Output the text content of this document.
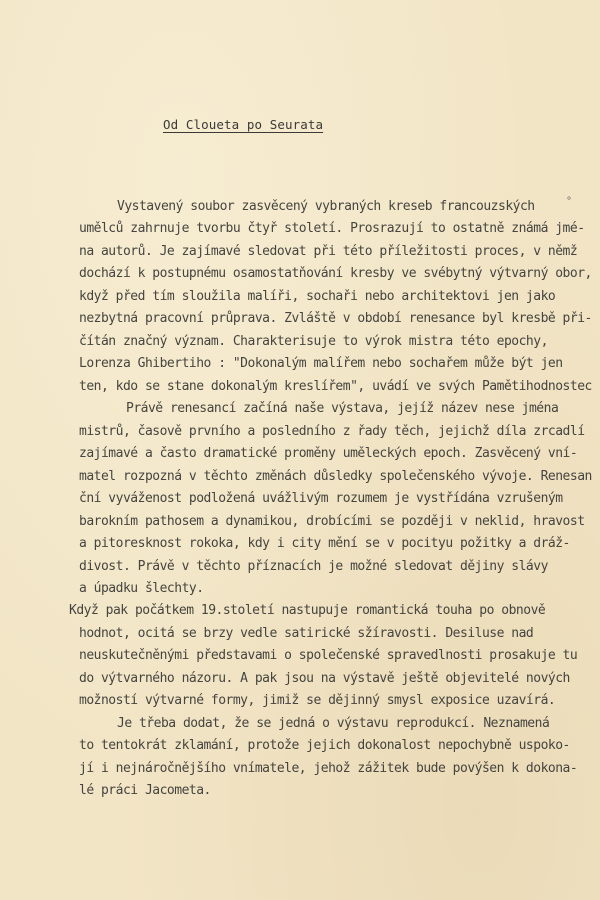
Od Cloueta po Seurata
°
Vystavený soubor zasvěcený vybraných kreseb francouzských
umělců zahrnuje tvorbu čtyř století. Prosrazují to ostatně známá jmé-
na autorů. Je zajímavé sledovat při této příležitosti proces, v němž
dochází k postupnému osamostatňování kresby ve svébytný výtvarný obor,
když před tím sloužila malíři, sochaři nebo architektovi jen jako
nezbytná pracovní průprava. Zvláště v období renesance byl kresbě při-
čítán značný význam. Charakterisuje to výrok mistra této epochy,
Lorenza Ghibertiho : "Dokonalým malířem nebo sochařem může být jen
ten, kdo se stane dokonalým kreslířem", uvádí ve svých Pamětihodnostec
Právě renesancí začíná naše výstava, jejíž název nese jména
mistrů, časově prvního a posledního z řady těch, jejichž díla zrcadlí
zajímavé a často dramatické proměny uměleckých epoch. Zasvěcený vní-
matel rozpozná v těchto změnách důsledky společenského vývoje. Renesan
ční vyváženost podložená uvážlivým rozumem je vystřídána vzrušeným
barokním pathosem a dynamikou, drobícími se později v neklid, hravost
a pitoresknost rokoka, kdy i city mění se v pocityu požitky a dráž-
divost. Právě v těchto příznacích je možné sledovat dějiny slávy
a úpadku šlechty.
Když pak počátkem 19.století nastupuje romantická touha po obnově
hodnot, ocitá se brzy vedle satirické sžíravosti. Desiluse nad
neuskutečněnými představami o společenské spravedlnosti prosakuje tu
do výtvarného názoru. A pak jsou na výstavě ještě objevitelé nových
možností výtvarné formy, jimiž se dějinný smysl exposice uzavírá.
Je třeba dodat, že se jedná o výstavu reprodukcí. Neznamená
to tentokrát zklamání, protože jejich dokonalost nepochybně uspoko-
jí i nejnáročnějšího vnímatele, jehož zážitek bude povýšen k dokona-
lé práci Jacometa.
